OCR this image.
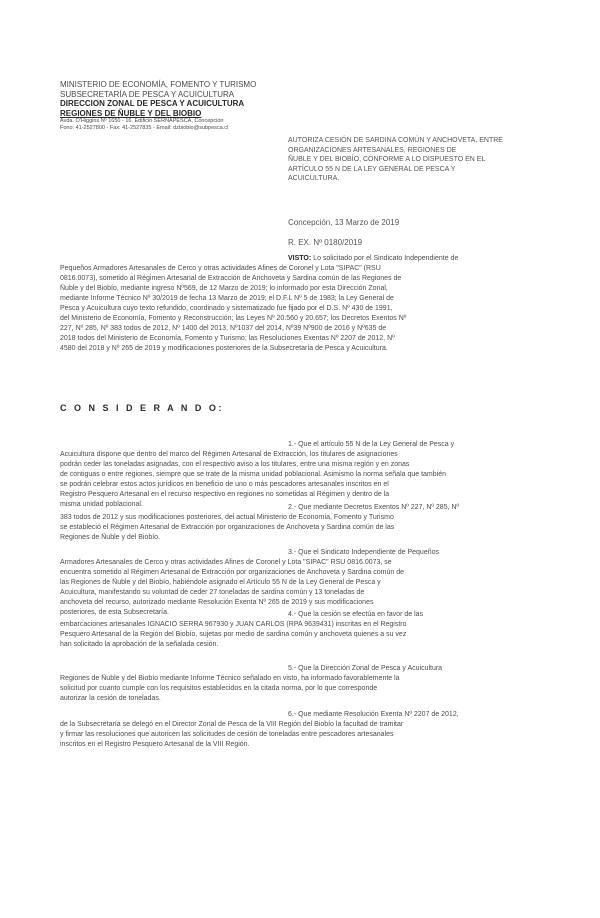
MINISTERIO DE ECONOMÍA, FOMENTO Y TURISMO
SUBSECRETARÍA DE PESCA Y ACUICULTURA
DIRECCION ZONAL DE PESCA Y ACUICULTURA
REGIONES DE ÑUBLE Y DEL BIOBIO
Avda. O'Higgins Nº 1650 - 16, Edificio SERNAPESCA, Concepción
Fono: 41-2527800 - Fax: 41-2527835 - Email: dzbiobio@subpesca.cl
AUTORIZA CESIÓN DE SARDINA COMÚN Y ANCHOVETA, ENTRE
ORGANIZACIONES ARTESANALES, REGIONES DE
ÑUBLE Y DEL BIOBÍO, CONFORME A LO DISPUESTO EN EL
ARTÍCULO 55 N DE LA LEY GENERAL DE PESCA Y
ACUICULTURA.
Concepción, 13 Marzo de 2019
R. EX. Nº 0180/2019
VISTO: Lo solicitado por el Sindicato Independiente de
Pequeños Armadores Artesanales de Cerco y otras actividades Afines de Coronel y Lota "SIPAC" (RSU
0816.0073), sometido al Régimen Artesanal de Extracción de Anchoveta y Sardina común de las Regiones de
Ñuble y del Biobío, mediante ingreso Nº569, de 12 Marzo de 2019; lo informado por esta Dirección Zonal,
mediante Informe Técnico Nº 30/2019 de fecha 13 Marzo de 2019; el D.F.L Nº 5 de 1983; la Ley General de
Pesca y Acuicultura cuyo texto refundido, coordinado y sistematizado fue fijado por el D.S. Nº 430 de 1991,
del Ministerio de Economía, Fomento y Reconstrucción; las Leyes Nº 20.560 y 20.657; los Decretos Exentos Nº
227, Nº 285, Nº 383 todos de 2012, Nº 1400 del 2013, Nº1037 del 2014, Nº39 Nº900 de 2016 y Nº635 de
2018 todos del Ministerio de Economía, Fomento y Turismo; las Resoluciones Exentas Nº 2207 de 2012, Nº
4580 del 2018 y Nº 265 de 2019 y modificaciones posteriores de la Subsecretaría de Pesca y Acuicultura.
C O N S I D E R A N D O:
1.- Que el artículo 55 N de la Ley General de Pesca y
Acuicultura dispone que dentro del marco del Régimen Artesanal de Extracción, los titulares de asignaciones
podrán ceder las toneladas asignadas, con el respectivo aviso a los titulares, entre una misma región y en zonas
de contiguas o entre regiones, siempre que se trate de la misma unidad poblacional. Asimismo la norma señala que también
se podrán celebrar estos actos jurídicos en beneficio de uno o más pescadores artesanales inscritos en el
Registro Pesquero Artesanal en el recurso respectivo en regiones no sometidas al Régimen y dentro de la
misma unidad poblacional.	2.- Que mediante Decretos Exentos Nº 227, Nº 285, Nº
383 todos de 2012 y sus modificaciones posteriores, del actual Ministerio de Economía, Fomento y Turismo
se estableció el Régimen Artesanal de Extracción por organizaciones de Anchoveta y Sardina común de las
Regiones de Ñuble y del Biobío.
3.- Que el Sindicato Independiente de Pequeños
Armadores Artesanales de Cerco y otras actividades Afines de Coronel y Lota "SIPAC" RSU 0816.0073, se
encuentra sometido al Régimen Artesanal de Extracción por organizaciones de Anchoveta y Sardina común de
las Regiones de Ñuble y del Biobío, habiéndole asignado el Artículo 55 N de la Ley General de Pesca y
Acuicultura, manifestando su voluntad de ceder 27 toneladas de sardina común y 13 toneladas de
anchoveta del recurso, autorizado mediante Resolución Exenta Nº 265 de 2019 y sus modificaciones
posteriores, de esta Subsecretaría.	4.- Que la cesión se efectúa en favor de las
embarcaciones artesanales IGNACIO SERRA 967930 y JUAN CARLOS (RPA 9639431) inscritas en el Registro
Pesquero Artesanal de la Región del Biobío, sujetas por medio de sardina común y anchoveta quienes a su vez
han solicitado la aprobación de la señalada cesión.
5.- Que la Dirección Zonal de Pesca y Acuicultura
Regiones de Ñuble y del Biobío mediante Informe Técnico señalado en visto, ha informado favorablemente la
solicitud por cuanto cumple con los requisitos establecidos en la citada norma, por lo que corresponde
autorizar la cesión de toneladas.
6.- Que mediante Resolución Exenta Nº 2207 de 2012,
de la Subsecretaría se delegó en el Director Zonal de Pesca de la VIII Región del Biobío la facultad de tramitar
y firmar las resoluciones que autoricen las solicitudes de cesión de toneladas entre pescadores artesanales
inscritos en el Registro Pesquero Artesanal de la VIII Región.
